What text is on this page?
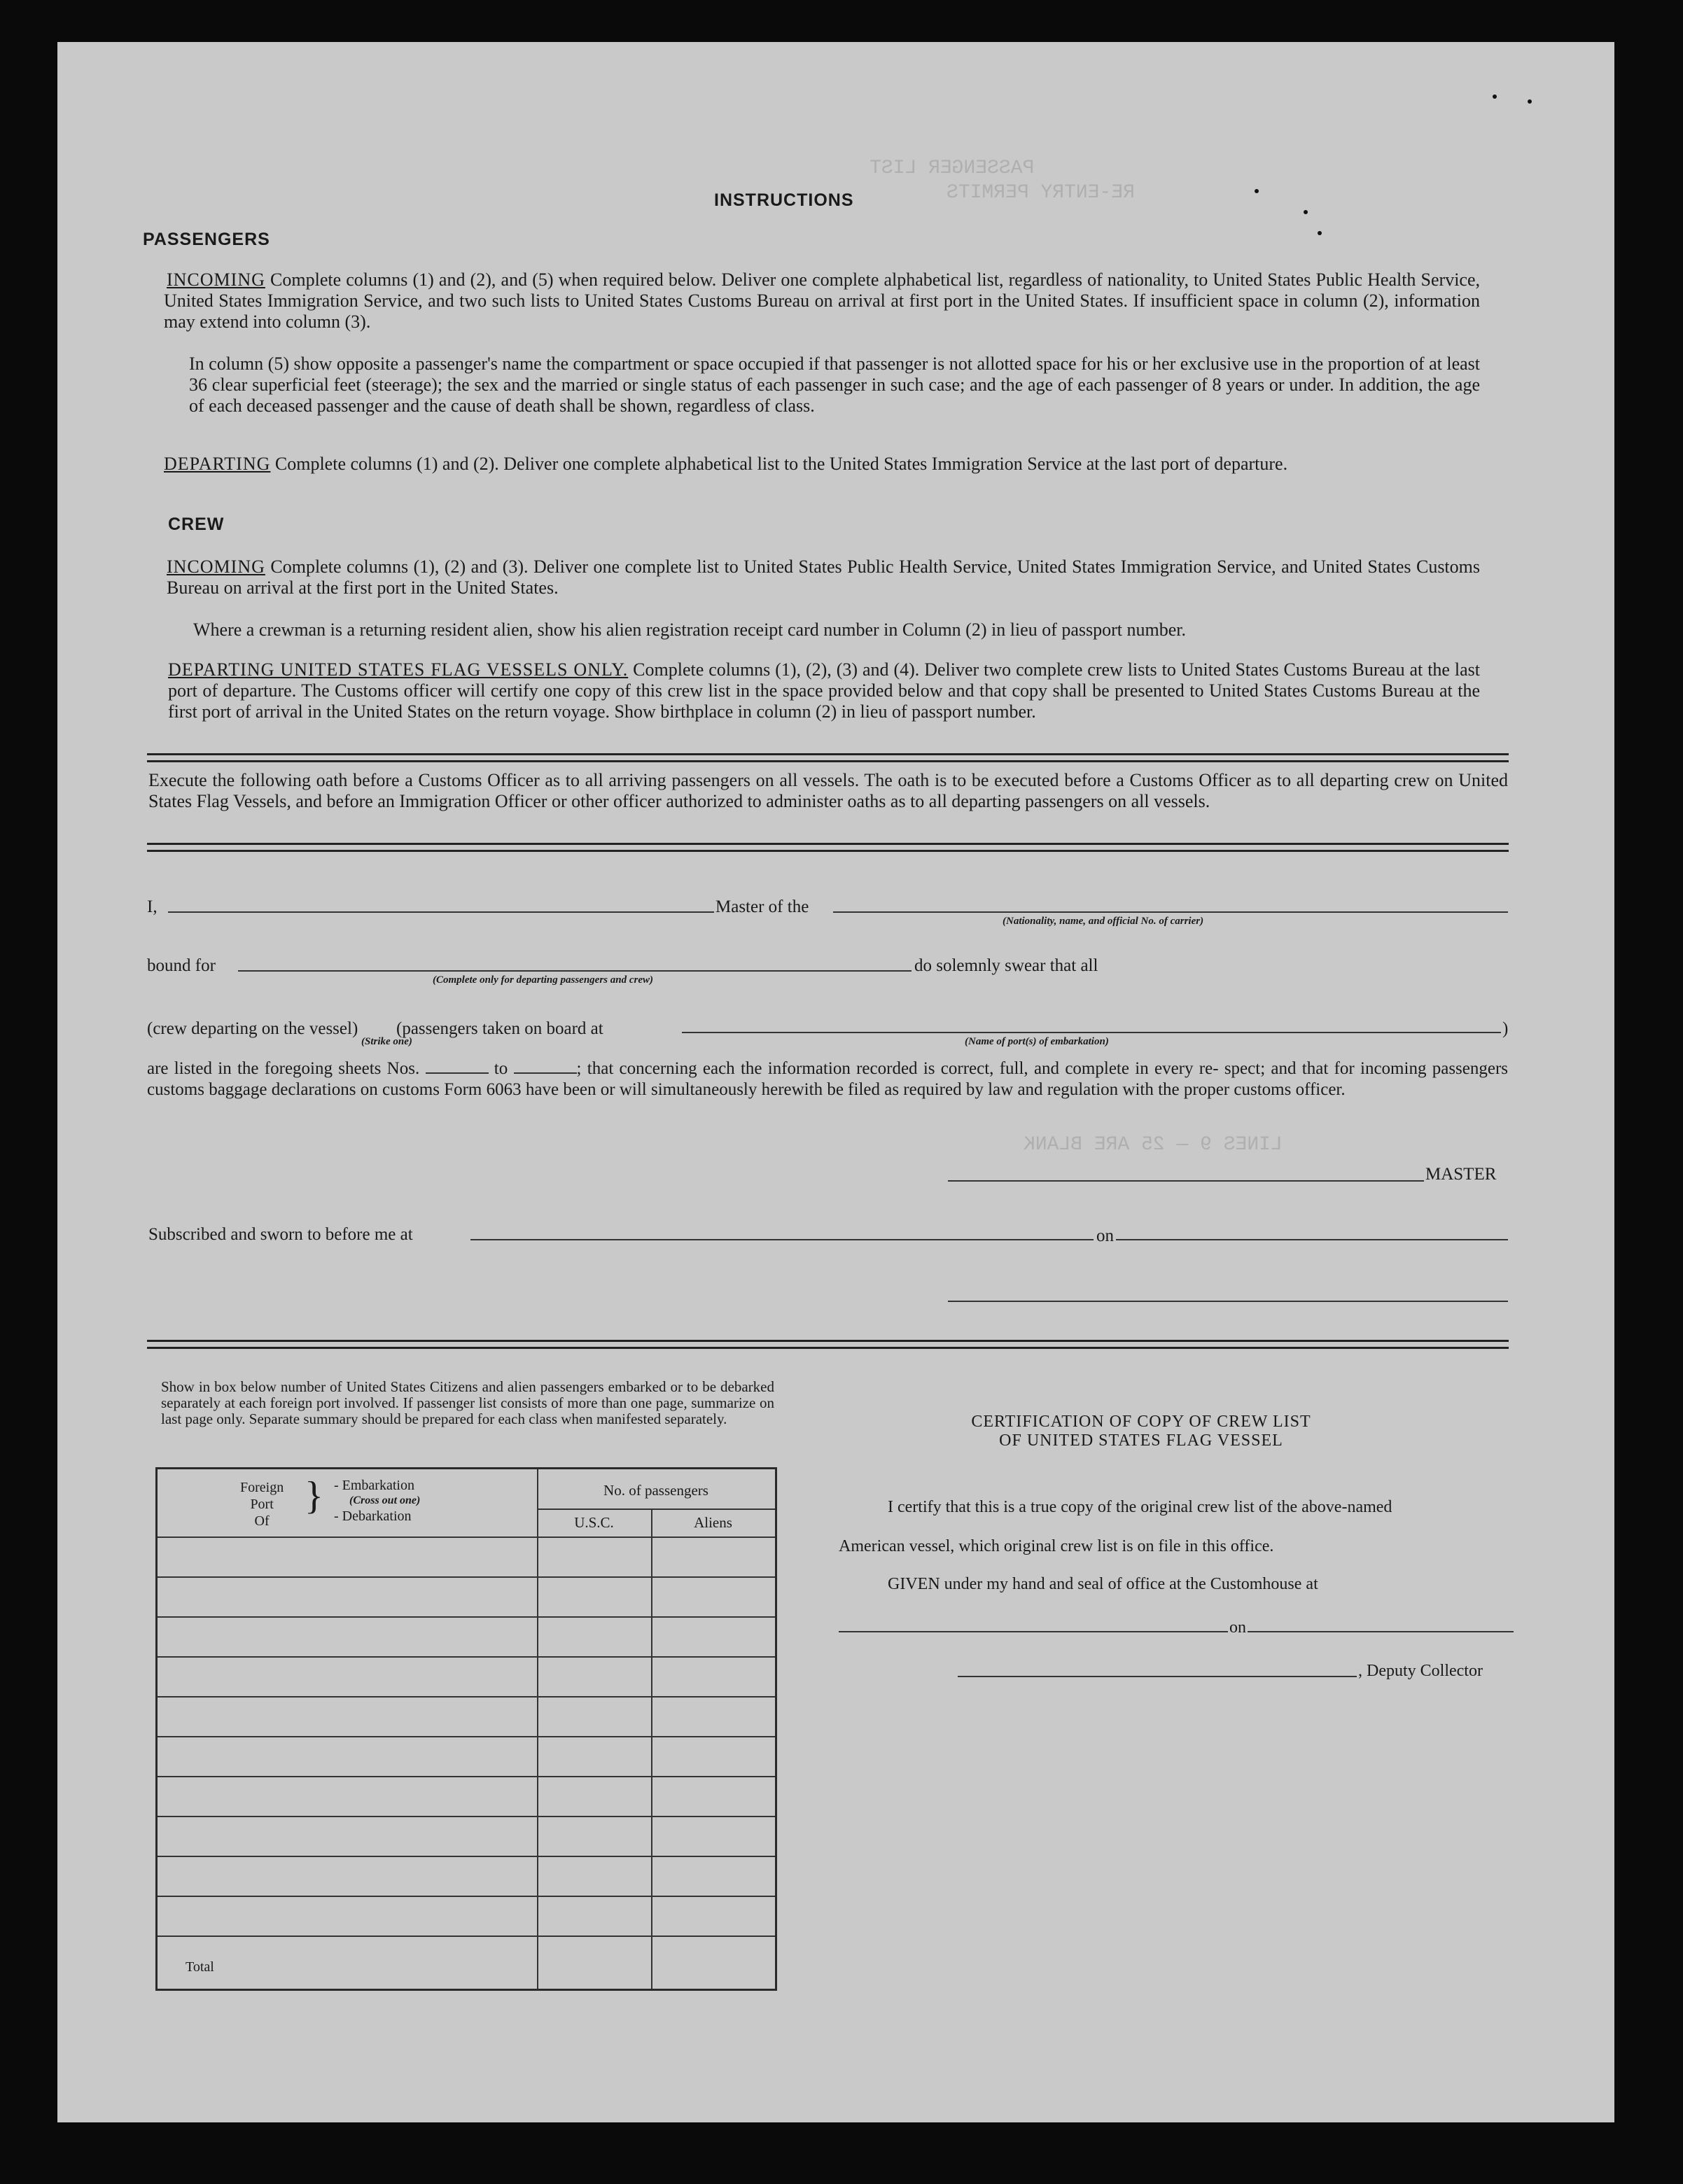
PASSENGER LIST
RE-ENTRY PERMITS
LINES 9 — 25 ARE BLANK
INSTRUCTIONS
PASSENGERS
INCOMING Complete columns (1) and (2), and (5) when required below. Deliver one complete alphabetical list, regardless of nationality, to United States Public Health Service, United States Immigration Service, and two such lists to United States Customs Bureau on arrival at first port in the United States. If insufficient space in column (2), information may extend into column (3).
In column (5) show opposite a passenger's name the compartment or space occupied if that passenger is not allotted space for his or her exclusive use in the proportion of at least 36 clear superficial feet (steerage); the sex and the married or single status of each passenger in such case; and the age of each passenger of 8 years or under. In addition, the age of each deceased passenger and the cause of death shall be shown, regardless of class.
DEPARTING Complete columns (1) and (2). Deliver one complete alphabetical list to the United States Immigration Service at the last port of departure.
CREW
INCOMING Complete columns (1), (2) and (3). Deliver one complete list to United States Public Health Service, United States Immigration Service, and United States Customs Bureau on arrival at the first port in the United States.
Where a crewman is a returning resident alien, show his alien registration receipt card number in Column (2) in lieu of passport number.
DEPARTING UNITED STATES FLAG VESSELS ONLY. Complete columns (1), (2), (3) and (4). Deliver two complete crew lists to United States Customs Bureau at the last port of departure. The Customs officer will certify one copy of this crew list in the space provided below and that copy shall be presented to United States Customs Bureau at the first port of arrival in the United States on the return voyage. Show birthplace in column (2) in lieu of passport number.
Execute the following oath before a Customs Officer as to all arriving passengers on all vessels. The oath is to be executed before a Customs Officer as to all departing crew on United States Flag Vessels, and before an Immigration Officer or other officer authorized to administer oaths as to all departing passengers on all vessels.
I,	Master of the
(Nationality, name, and official No. of carrier)
bound for
(Complete only for departing passengers and crew)
do solemnly swear that all
(crew departing on the vessel)
(Strike one)
(passengers taken on board at	)
(Name of port(s) of embarkation)
are listed in the foregoing sheets Nos.	to	; that concerning each the information recorded is correct, full, and complete in every re- spect; and that for incoming passengers customs baggage declarations on customs Form 6063 have been or will simultaneously herewith be filed as required by law and regulation with the proper customs officer.
MASTER
Subscribed and sworn to before me at	on
Show in box below number of United States Citizens and alien passengers embarked or to be debarked separately at each foreign port involved. If passenger list consists of more than one page, summarize on last page only. Separate summary should be prepared for each class when manifested separately.
Foreign
Port
Of
} - Embarkation
(Cross out one)
- Debarkation
No. of passengers
U.S.C.	Aliens
Total
CERTIFICATION OF COPY OF CREW LIST
OF UNITED STATES FLAG VESSEL
I certify that this is a true copy of the original crew list of the above-named
American vessel, which original crew list is on file in this office.
GIVEN under my hand and seal of office at the Customhouse at
on
, Deputy Collector
